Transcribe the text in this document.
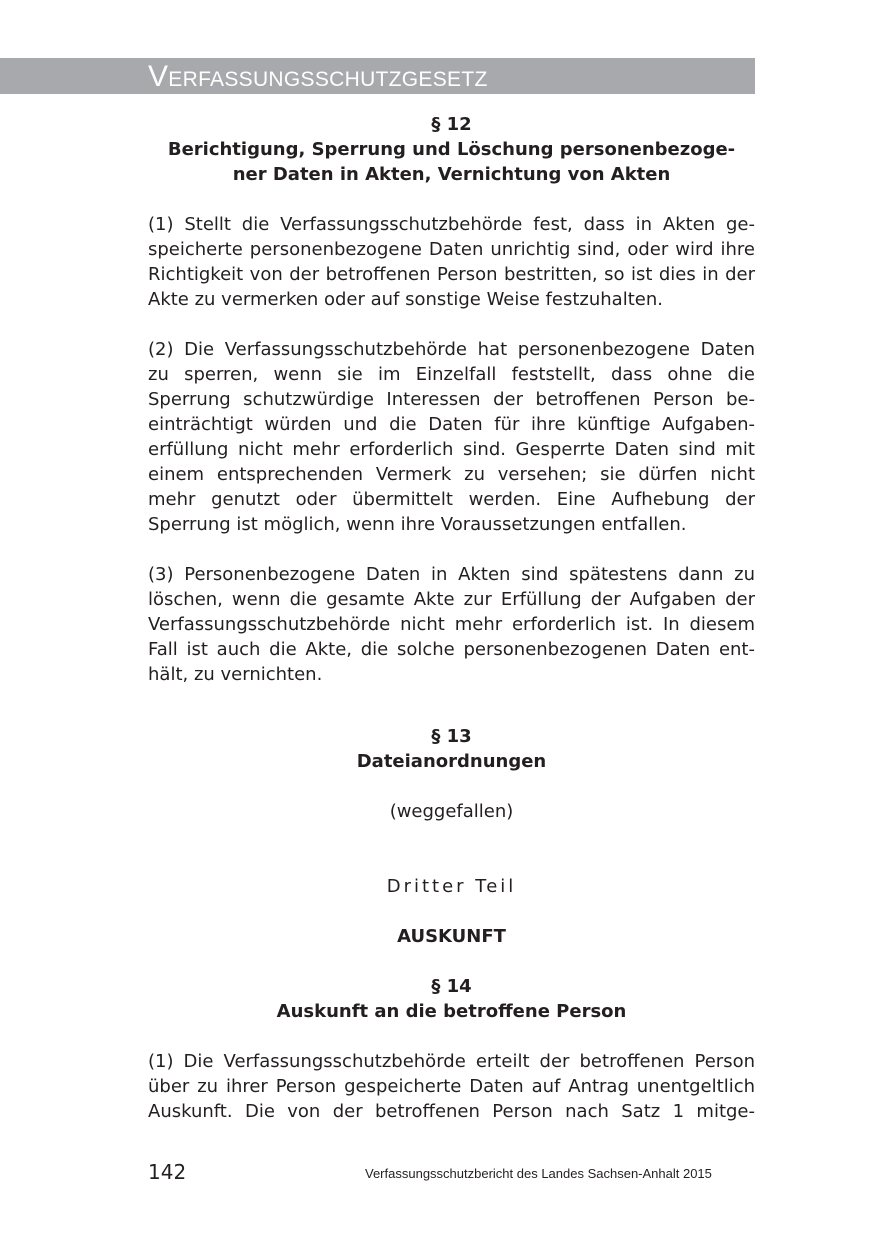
Verfassungsschutzgesetz
§ 12
Berichtigung, Sperrung und Löschung personenbezoge-
ner Daten in Akten, Vernichtung von Akten

(1) Stellt die Verfassungsschutzbehörde fest, dass in Akten gespeicherte personenbezogene Daten unrichtig sind, oder wird ihre Richtigkeit von der betroffenen Person bestritten, so ist dies in der Akte zu vermerken oder auf sonstige Weise festzuhalten.

(2) Die Verfassungsschutzbehörde hat personenbezogene Daten zu sperren, wenn sie im Einzelfall feststellt, dass ohne die Sperrung schutzwürdige Interessen der betroffenen Person beeinträchtigt würden und die Daten für ihre künftige Aufgabenerfüllung nicht mehr erforderlich sind. Gesperrte Daten sind mit einem entsprechenden Vermerk zu versehen; sie dürfen nicht mehr genutzt oder übermittelt werden. Eine Aufhebung der Sperrung ist möglich, wenn ihre Voraussetzungen entfallen.

(3) Personenbezogene Daten in Akten sind spätestens dann zu löschen, wenn die gesamte Akte zur Erfüllung der Aufgaben der Verfassungsschutzbehörde nicht mehr erforderlich ist. In diesem Fall ist auch die Akte, die solche personenbezogenen Daten enthält, zu vernichten.

§ 13
Dateianordnungen
(weggefallen)
Dritter Teil
AUSKUNFT
§ 14
Auskunft an die betroffene Person
(1) Die Verfassungsschutzbehörde erteilt der betroffenen Person
über zu ihrer Person gespeicherte Daten auf Antrag unentgeltlich
Auskunft. Die von der betroffenen Person nach Satz 1 mitge-
142	Verfassungsschutzbericht des Landes Sachsen-Anhalt 2015
